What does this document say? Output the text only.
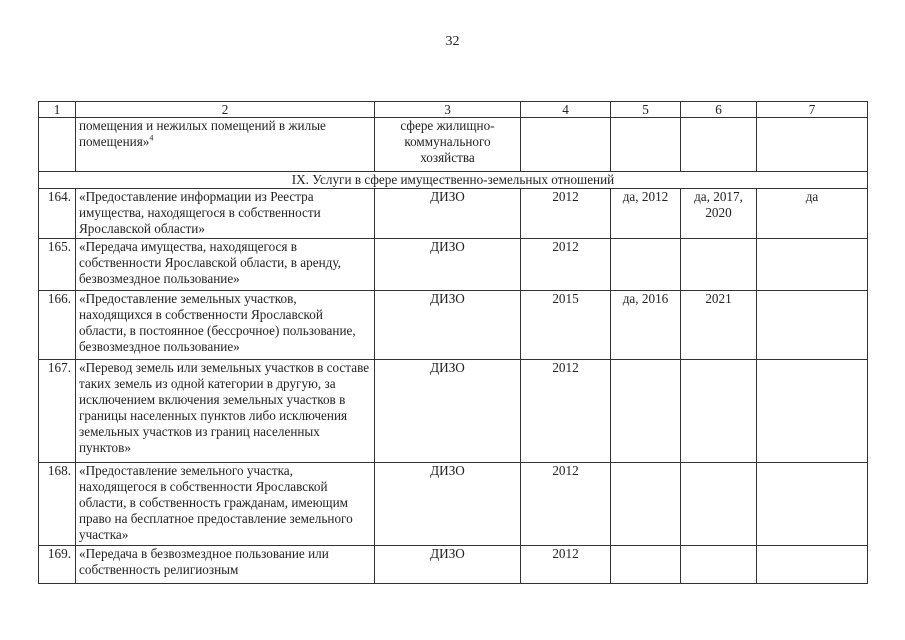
32
1	2	3	4	5	6	7
	помещения и нежилых помещений в жилые помещения»$^4$	сфере жилищно-коммунального хозяйства				
IX. Услуги в сфере имущественно-земельных отношений						
164.	«Предоставление информации из Реестра имущества, находящегося в собственности Ярославской области»	ДИЗО	2012	да, 2012	да, 2017, 2020	да
165.	«Передача имущества, находящегося в собственности Ярославской области, в аренду, безвозмездное пользование»	ДИЗО	2012			
166.	«Предоставление земельных участков, находящихся в собственности Ярославской области, в постоянное (бессрочное) пользование, безвозмездное пользование»	ДИЗО	2015	да, 2016	2021	
167.	«Перевод земель или земельных участков в составе таких земель из одной категории в другую, за исключением включения земельных участков в границы населенных пунктов либо исключения земельных участков из границ населенных пунктов»	ДИЗО	2012			
168.	«Предоставление земельного участка, находящегося в собственности Ярославской области, в собственность гражданам, имеющим право на бесплатное предоставление земельного участка»	ДИЗО	2012			
169.	«Передача в безвозмездное пользование или собственность религиозным	ДИЗО	2012			
